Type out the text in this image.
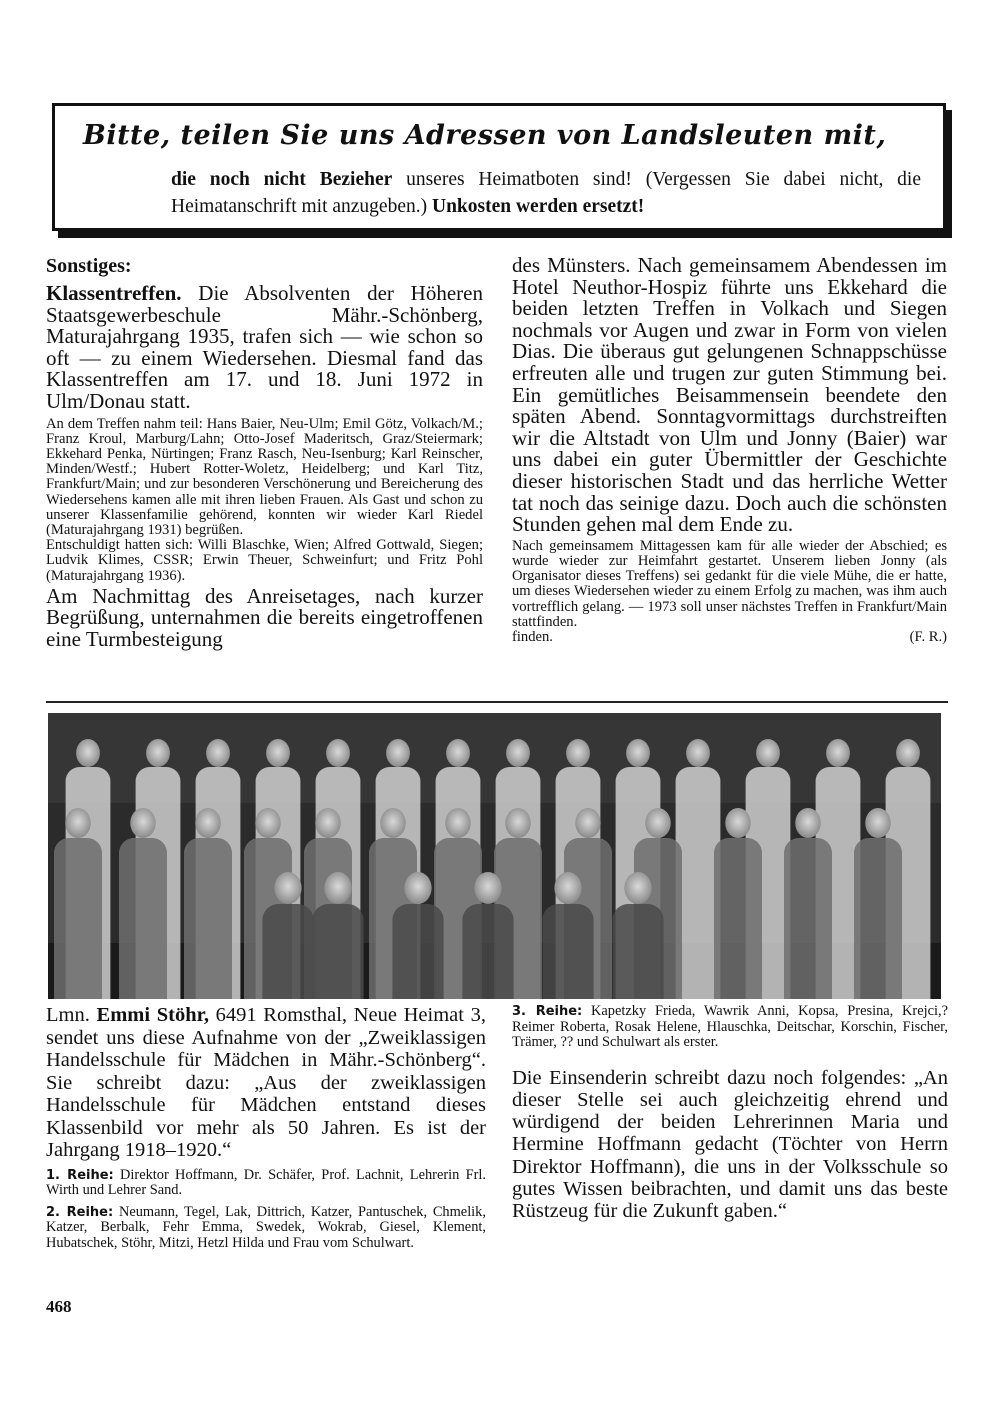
Bitte, teilen Sie uns Adressen von Landsleuten mit,
die noch nicht Bezieher unseres Heimatboten sind! (Vergessen Sie dabei nicht, die Heimatanschrift mit anzugeben.) Unkosten werden ersetzt!

Sonstiges:

Klassentreffen. Die Absolventen der Höheren Staatsgewerbeschule Mähr.-Schönberg, Maturajahrgang 1935, trafen sich — wie schon so oft — zu einem Wiedersehen. Diesmal fand das Klassentreffen am 17. und 18. Juni 1972 in Ulm/Donau statt.

An dem Treffen nahm teil: Hans Baier, Neu-Ulm; Emil Götz, Volkach/M.; Franz Kroul, Marburg/Lahn; Otto-Josef Maderitsch, Graz/Steiermark; Ekkehard Penka, Nürtingen; Franz Rasch, Neu-Isenburg; Karl Reinscher, Minden/Westf.; Hubert Rotter-Woletz, Heidelberg; und Karl Titz, Frankfurt/Main; und zur besonderen Verschönerung und Bereicherung des Wiedersehens kamen alle mit ihren lieben Frauen. Als Gast und schon zu unserer Klassenfamilie gehörend, konnten wir wieder Karl Riedel (Maturajahrgang 1931) begrüßen.

Entschuldigt hatten sich: Willi Blaschke, Wien; Alfred Gottwald, Siegen; Ludvik Klimes, CSSR; Erwin Theuer, Schweinfurt; und Fritz Pohl (Maturajahrgang 1936).

Am Nachmittag des Anreisetages, nach kurzer Begrüßung, unternahmen die bereits eingetroffenen eine Turmbesteigung

des Münsters. Nach gemeinsamem Abendessen im Hotel Neuthor-Hospiz führte uns Ekkehard die beiden letzten Treffen in Volkach und Siegen nochmals vor Augen und zwar in Form von vielen Dias. Die überaus gut gelungenen Schnappschüsse erfreuten alle und trugen zur guten Stimmung bei. Ein gemütliches Beisammensein beendete den späten Abend. Sonntagvormittags durchstreiften wir die Altstadt von Ulm und Jonny (Baier) war uns dabei ein guter Übermittler der Geschichte dieser historischen Stadt und das herrliche Wetter tat noch das seinige dazu. Doch auch die schönsten Stunden gehen mal dem Ende zu.

Nach gemeinsamem Mittagessen kam für alle wieder der Abschied; es wurde wieder zur Heimfahrt gestartet. Unserem lieben Jonny (als Organisator dieses Treffens) sei gedankt für die viele Mühe, die er hatte, um dieses Wiedersehen wieder zu einem Erfolg zu machen, was ihm auch vortrefflich gelang. — 1973 soll unser nächstes Treffen in Frankfurt/Main stattfinden.

finden.	(F. R.)

Lmn. Emmi Stöhr, 6491 Romsthal, Neue Heimat 3, sendet uns diese Aufnahme von der „Zweiklassigen Handelsschule für Mädchen in Mähr.-Schönberg“. Sie schreibt dazu: „Aus der zweiklassigen Handelsschule für Mädchen entstand dieses Klassenbild vor mehr als 50 Jahren. Es ist der Jahrgang 1918–1920.“

1. Reihe: Direktor Hoffmann, Dr. Schäfer, Prof. Lachnit, Lehrerin Frl. Wirth und Lehrer Sand.

2. Reihe: Neumann, Tegel, Lak, Dittrich, Katzer, Pantuschek, Chmelik, Katzer, Berbalk, Fehr Emma, Swedek, Wokrab, Giesel, Klement, Hubatschek, Stöhr, Mitzi, Hetzl Hilda und Frau vom Schulwart.

3. Reihe: Kapetzky Frieda, Wawrik Anni, Kopsa, Presina, Krejci,? Reimer Roberta, Rosak Helene, Hlauschka, Deitschar, Korschin, Fischer, Trämer, ?? und Schulwart als erster.

Die Einsenderin schreibt dazu noch folgendes: „An dieser Stelle sei auch gleichzeitig ehrend und würdigend der beiden Lehrerinnen Maria und Hermine Hoffmann gedacht (Töchter von Herrn Direktor Hoffmann), die uns in der Volksschule so gutes Wissen beibrachten, und damit uns das beste Rüstzeug für die Zukunft gaben.“

468
